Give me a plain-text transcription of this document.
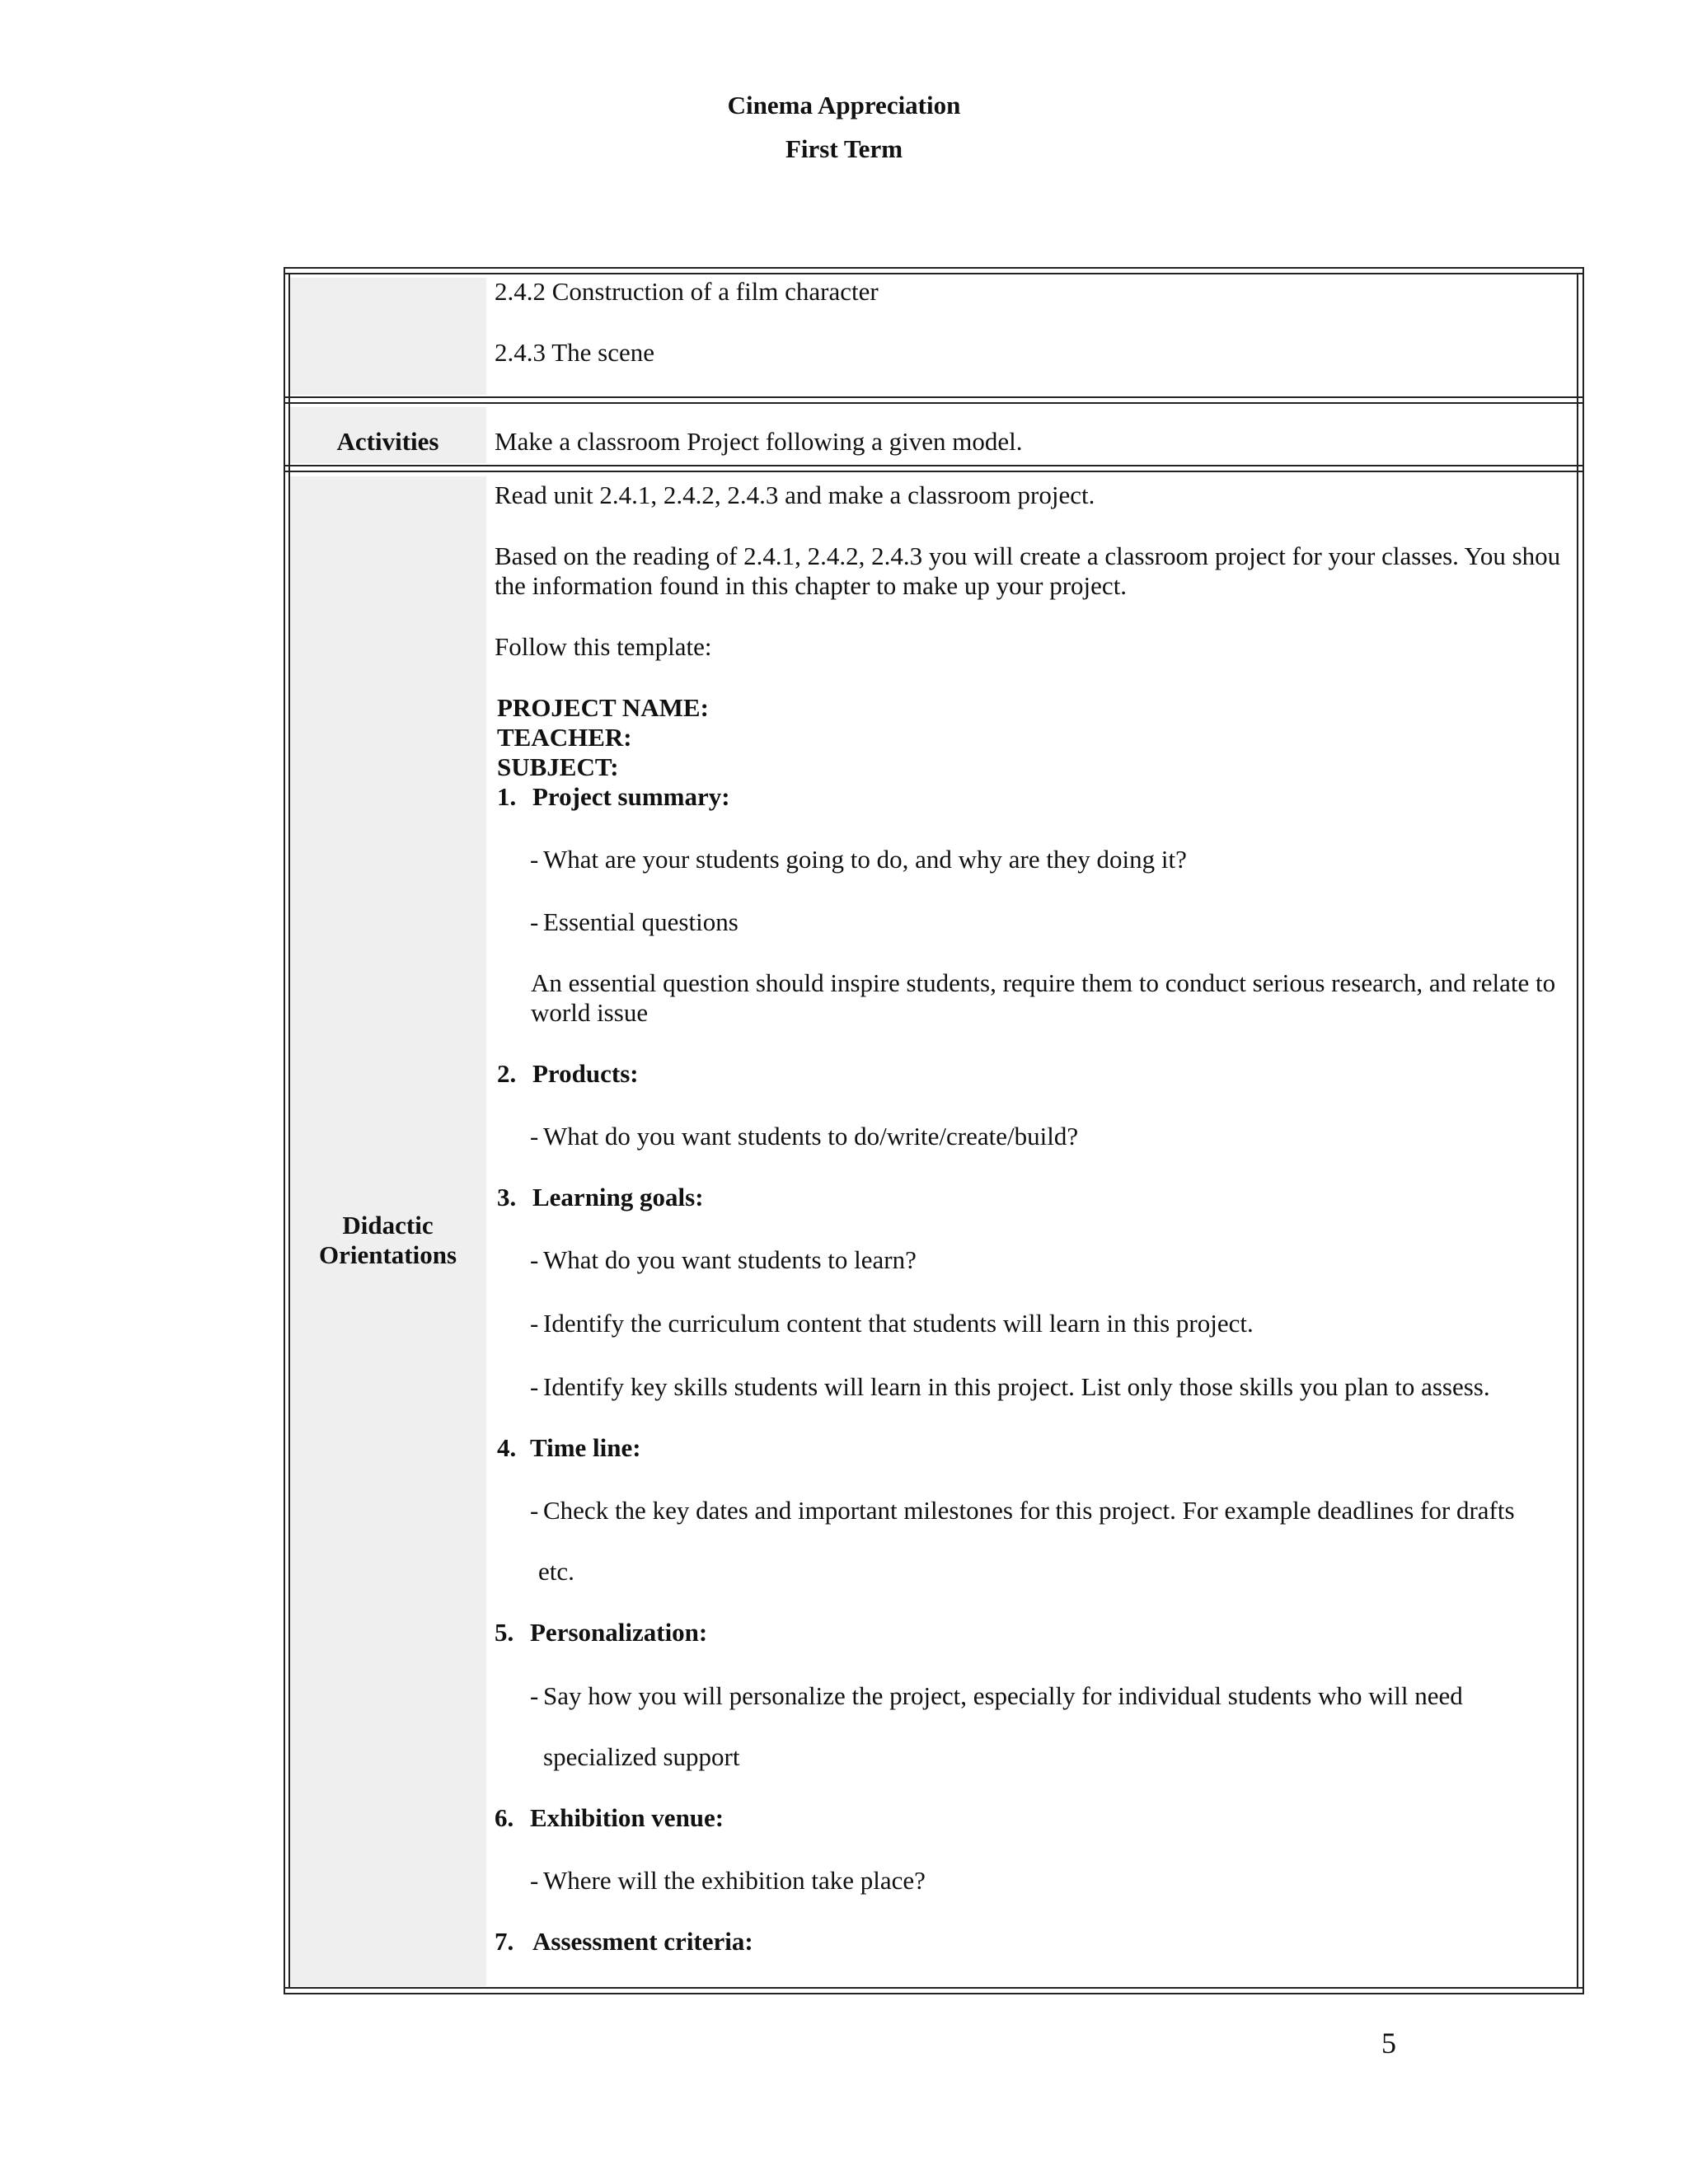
Cinema Appreciation
First Term
2.4.2 Construction of a film character
2.4.3 The scene
Activities	Make a classroom Project following a given model.
Didactic
Orientations
Read unit 2.4.1, 2.4.2, 2.4.3 and make a classroom project.
Based on the reading of 2.4.1, 2.4.2, 2.4.3 you will create a classroom project for your classes. You shou
the information found in this chapter to make up your project.
Follow this template:
PROJECT NAME:
TEACHER:
SUBJECT:
1. Project summary:
- What are your students going to do, and why are they doing it?
- Essential questions
An essential question should inspire students, require them to conduct serious research, and relate to
world issue
2. Products:
- What do you want students to do/write/create/build?
3. Learning goals:
- What do you want students to learn?
- Identify the curriculum content that students will learn in this project.
- Identify key skills students will learn in this project. List only those skills you plan to assess.
4. Time line:
- Check the key dates and important milestones for this project. For example deadlines for drafts
etc.
5. Personalization:
- Say how you will personalize the project, especially for individual students who will need
specialized support
6. Exhibition venue:
- Where will the exhibition take place?
7. Assessment criteria:
5
